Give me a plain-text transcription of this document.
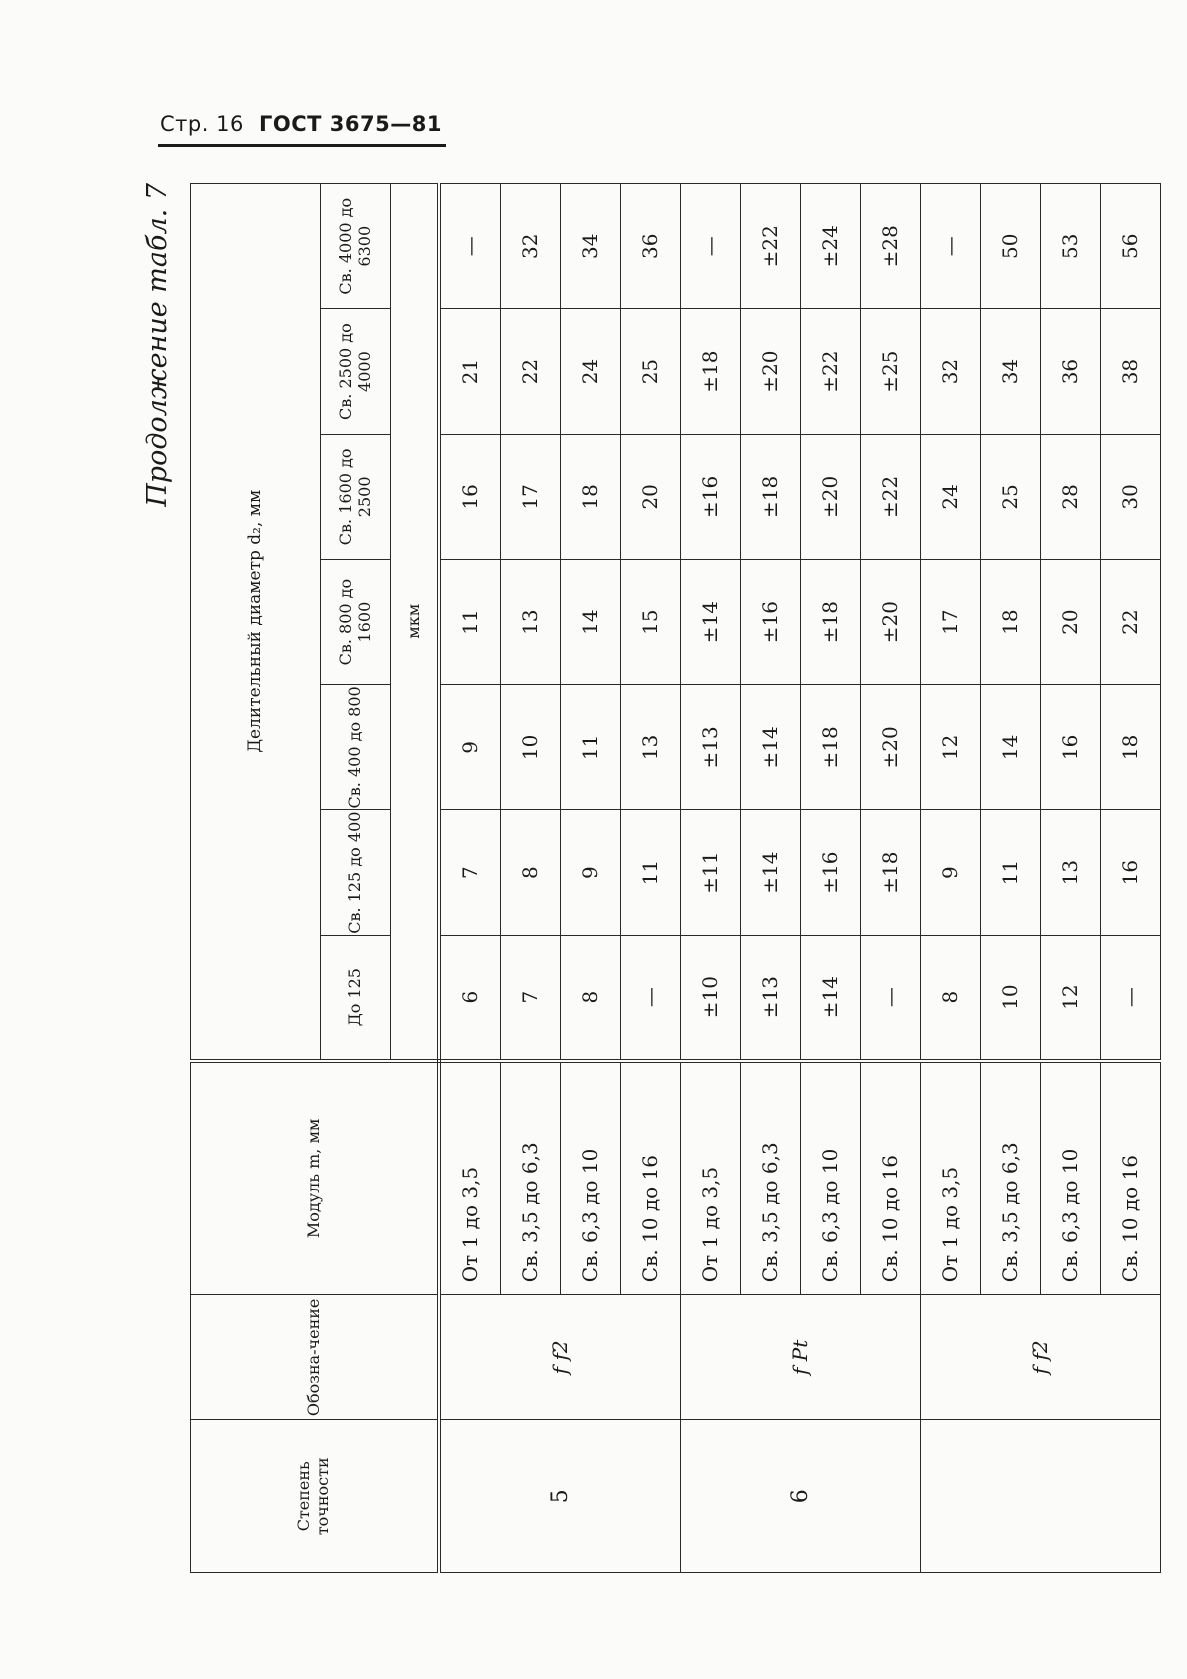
Стр. 16 ГОСТ 3675—81
Продолжение табл. 7
Степень точности	Обозна-чение	Модуль m, мм	Делительный диаметр d₂, мм						
			До 125	Св. 125 до 400	Св. 400 до 800	Св. 800 до 1600	Св. 1600 до 2500	Св. 2500 до 4000	Св. 4000 до 6300
			мкм						
5	f f2	От 1 до 3,5	6	7	9	11	16	21	—
		Св. 3,5 до 6,3	7	8	10	13	17	22	32
		Св. 6,3 до 10	8	9	11	14	18	24	34
		Св. 10 до 16	—	11	13	15	20	25	36
6	f Pt	От 1 до 3,5	±10	±11	±13	±14	±16	±18	—
		Св. 3,5 до 6,3	±13	±14	±14	±16	±18	±20	±22
		Св. 6,3 до 10	±14	±16	±18	±18	±20	±22	±24
		Св. 10 до 16	—	±18	±20	±20	±22	±25	±28
	f f2	От 1 до 3,5	8	9	12	17	24	32	—
		Св. 3,5 до 6,3	10	11	14	18	25	34	50
		Св. 6,3 до 10	12	13	16	20	28	36	53
		Св. 10 до 16	—	16	18	22	30	38	56
